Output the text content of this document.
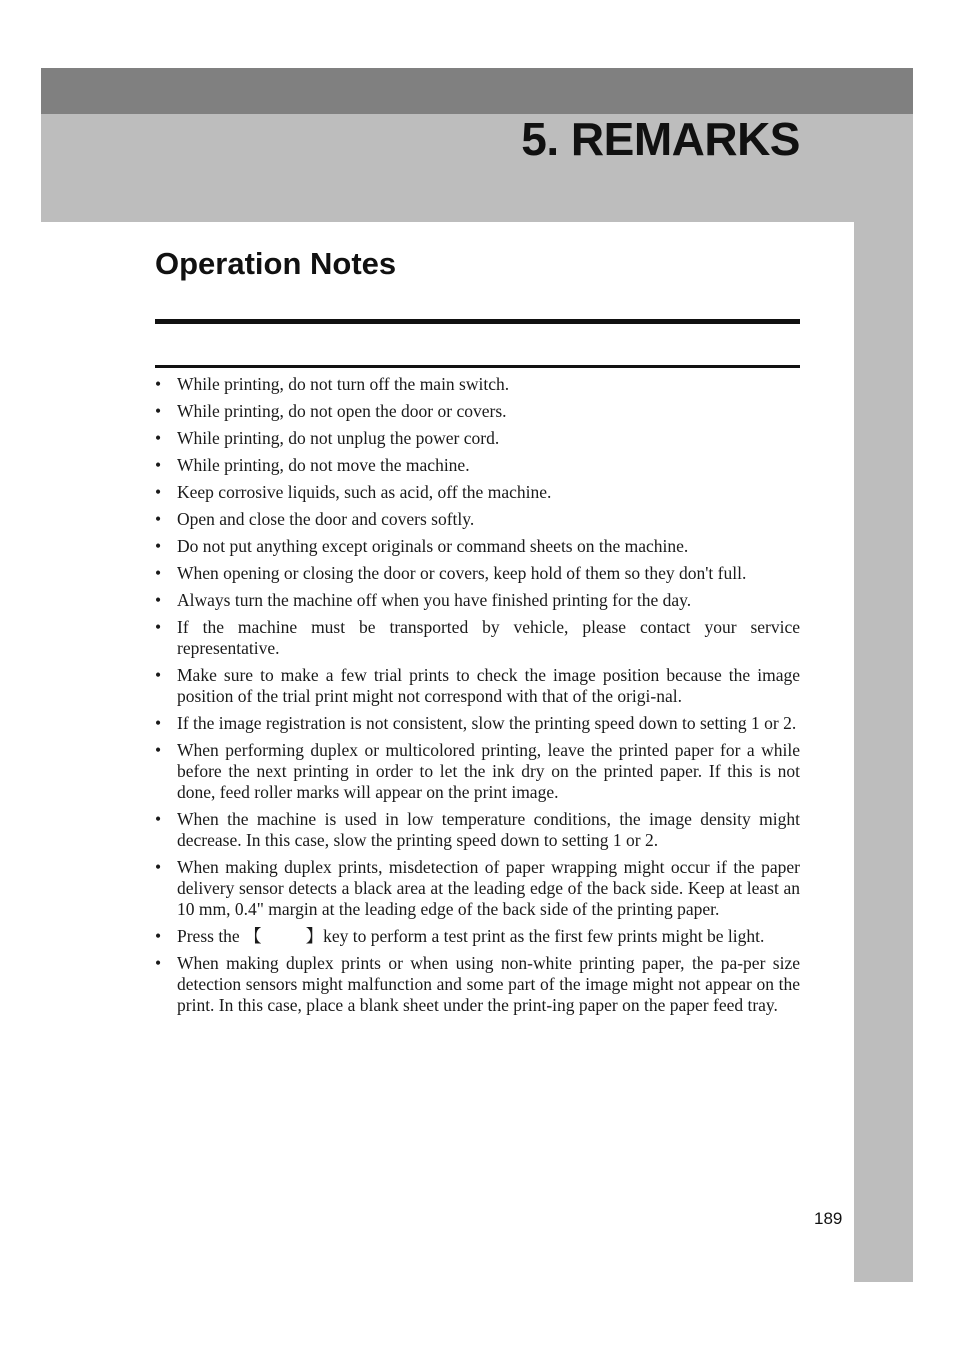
5. REMARKS
Operation Notes
• While printing, do not turn off the main switch.
• While printing, do not open the door or covers.
• While printing, do not unplug the power cord.
• While printing, do not move the machine.
• Keep corrosive liquids, such as acid, off the machine.
• Open and close the door and covers softly.
• Do not put anything except originals or command sheets on the machine.
• When opening or closing the door or covers, keep hold of them so they don't full.
• Always turn the machine off when you have finished printing for the day.
• If the machine must be transported by vehicle, please contact your service representative.
• Make sure to make a few trial prints to check the image position because the image position of the trial print might not correspond with that of the origi-nal.
• If the image registration is not consistent, slow the printing speed down to setting 1 or 2.
• When performing duplex or multicolored printing, leave the printed paper for a while before the next printing in order to let the ink dry on the printed paper. If this is not done, feed roller marks will appear on the print image.
• When the machine is used in low temperature conditions, the image density might decrease. In this case, slow the printing speed down to setting 1 or 2.
• When making duplex prints, misdetection of paper wrapping might occur if the paper delivery sensor detects a black area at the leading edge of the back side. Keep at least an 10 mm, 0.4" margin at the leading edge of the back side of the printing paper.
• Press the 【	】key to perform a test print as the first few prints might be light.
• When making duplex prints or when using non-white printing paper, the pa-per size detection sensors might malfunction and some part of the image might not appear on the print. In this case, place a blank sheet under the print-ing paper on the paper feed tray.
189
